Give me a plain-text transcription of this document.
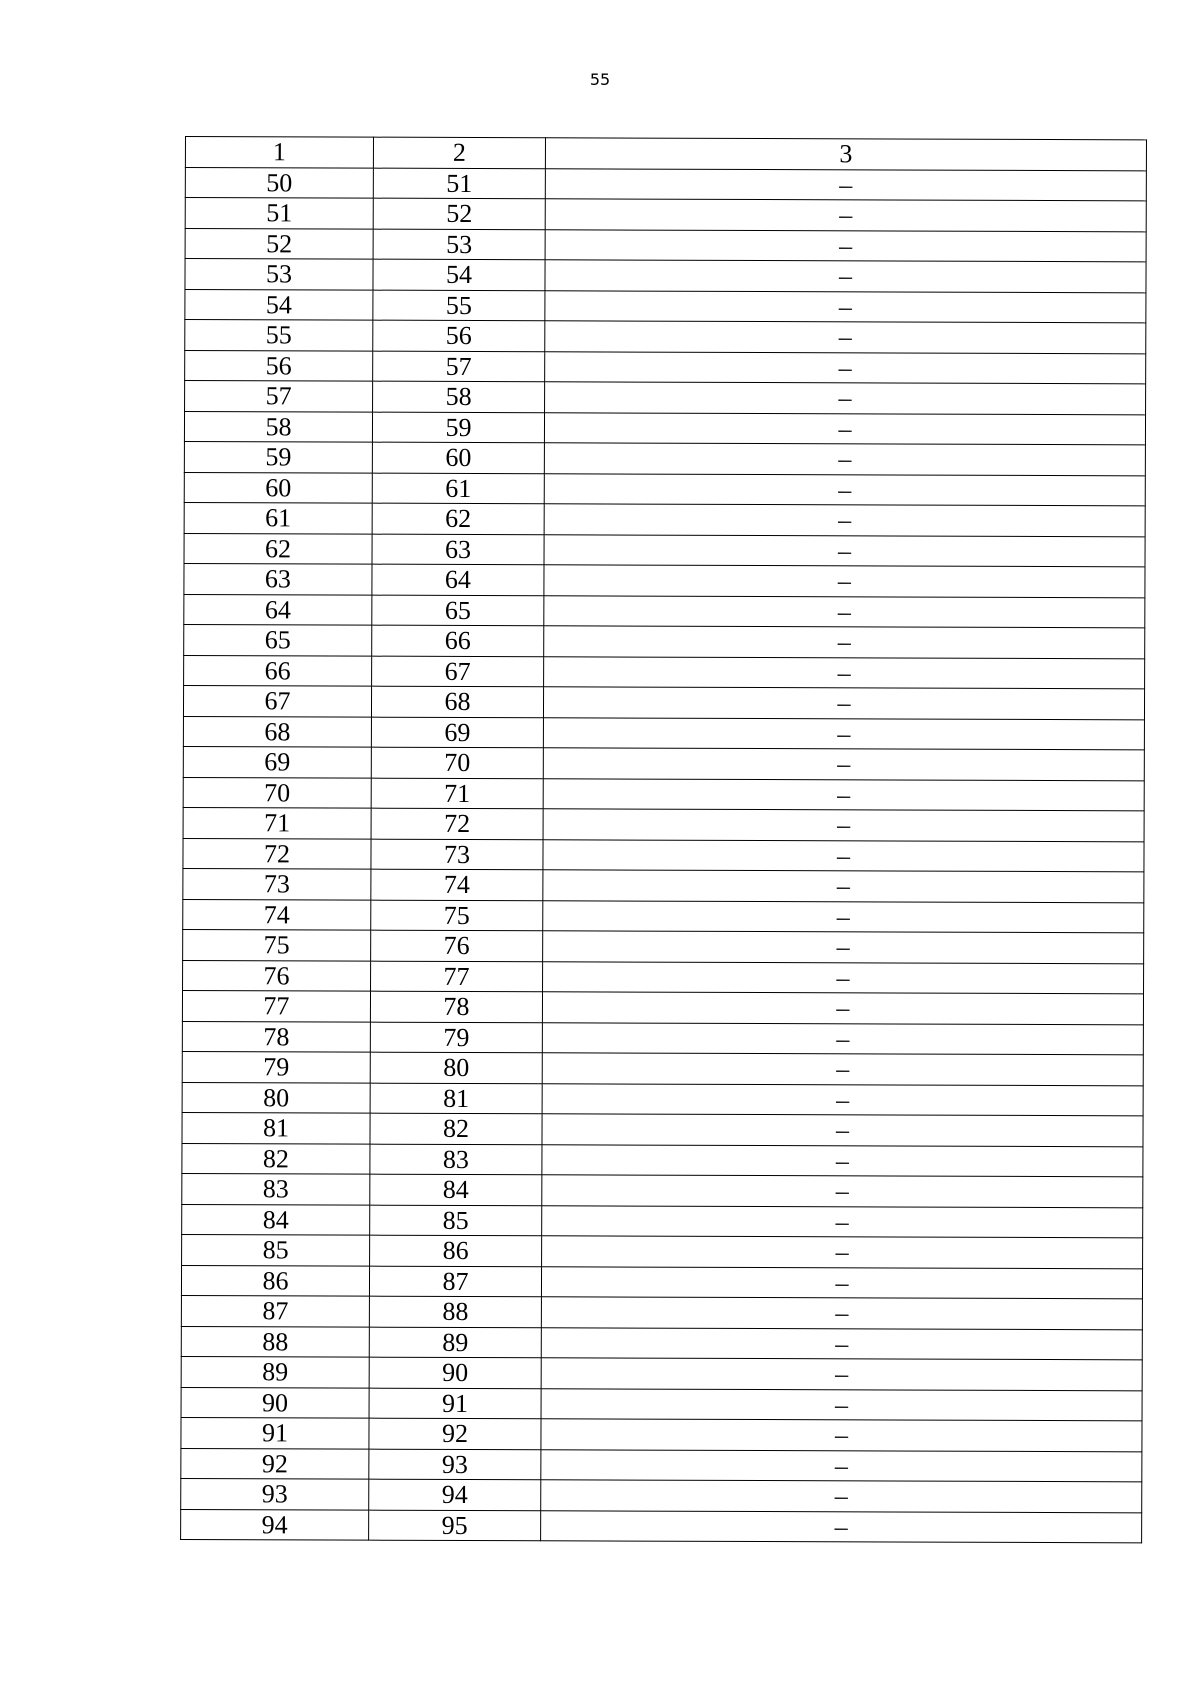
55
1	2	3
50	51	–
51	52	–
52	53	–
53	54	–
54	55	–
55	56	–
56	57	–
57	58	–
58	59	–
59	60	–
60	61	–
61	62	–
62	63	–
63	64	–
64	65	–
65	66	–
66	67	–
67	68	–
68	69	–
69	70	–
70	71	–
71	72	–
72	73	–
73	74	–
74	75	–
75	76	–
76	77	–
77	78	–
78	79	–
79	80	–
80	81	–
81	82	–
82	83	–
83	84	–
84	85	–
85	86	–
86	87	–
87	88	–
88	89	–
89	90	–
90	91	–
91	92	–
92	93	–
93	94	–
94	95	–
